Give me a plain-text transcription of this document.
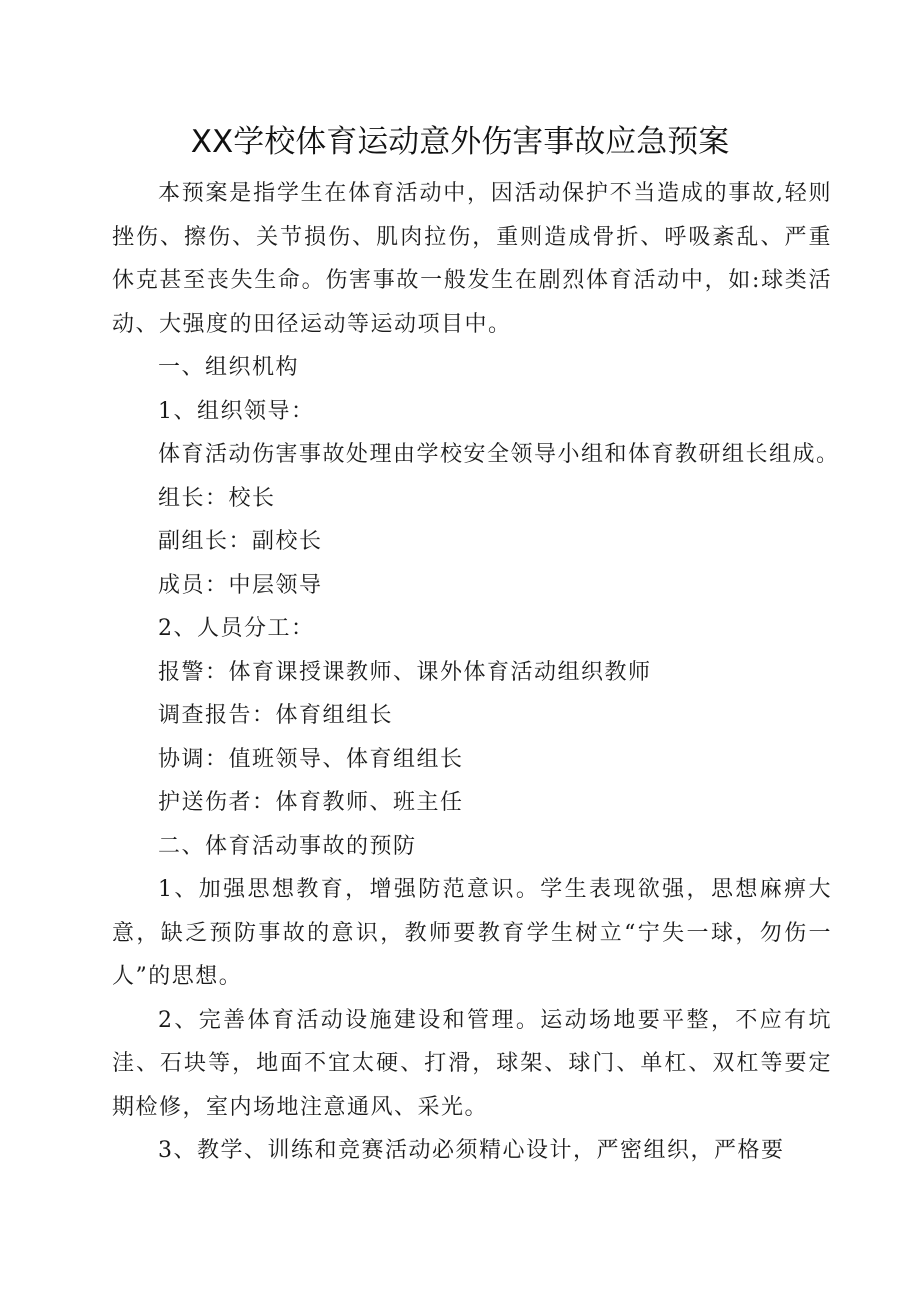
XX学校体育运动意外伤害事故应急预案

本预案是指学生在体育活动中，因活动保护不当造成的事故,轻则挫伤、擦伤、关节损伤、肌肉拉伤，重则造成骨折、呼吸紊乱、严重休克甚至丧失生命。伤害事故一般发生在剧烈体育活动中，如:球类活动、大强度的田径运动等运动项目中。

一、组织机构

1、组织领导：

体育活动伤害事故处理由学校安全领导小组和体育教研组长组成。

组长：校长

副组长：副校长

成员：中层领导

2、人员分工：

报警：体育课授课教师、课外体育活动组织教师

调查报告：体育组组长

协调：值班领导、体育组组长

护送伤者：体育教师、班主任

二、体育活动事故的预防

1、加强思想教育，增强防范意识。学生表现欲强，思想麻痹大意，缺乏预防事故的意识，教师要教育学生树立“宁失一球，勿伤一人”的思想。

2、完善体育活动设施建设和管理。运动场地要平整，不应有坑洼、石块等，地面不宜太硬、打滑，球架、球门、单杠、双杠等要定期检修，室内场地注意通风、采光。

3、教学、训练和竞赛活动必须精心设计，严密组织，严格要
